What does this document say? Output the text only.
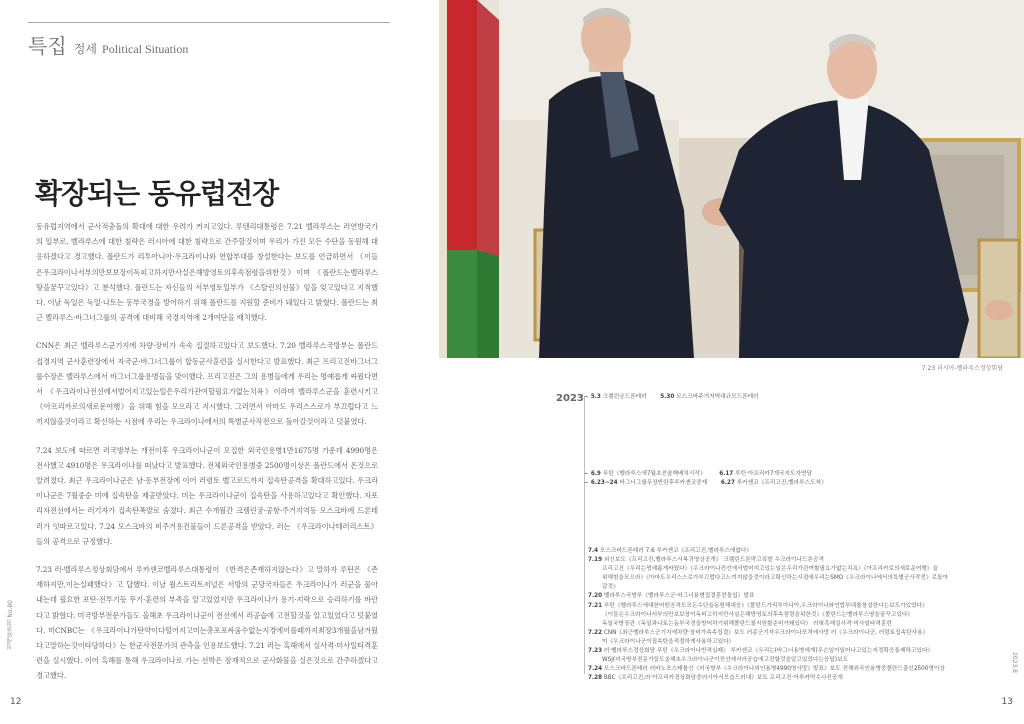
특집 정세 Political Situation
확장되는 동유럽전장

동유럽지역에서 군사적충돌의 확대에 대한 우려가 커지고있다. 루텐리대통령은 7.21 벨라루스는 러연방국가의 일부로, 벨라루스에 대한 침략은 러시아에 대한 침략으로 간주할것이며 우리가 가진 모든 수단을 동원해 대응하겠다고 경고했다. 폴란드가 리투아니아·우크라이나와 연합부대를 창설한다는 보도를 언급하면서 《이들은우크라이나서부의만보보장이독피고하지만사실은해방영토의후속점령을위한것》이며 《폴란드는벨라루스땅을꿈꾸고있다》고 분석했다. 폴란드는 자신들의 서부영토일부가 《스탈린의선물》임을 잊고있다고 지적했다. 이날 독일은 독일·나토는 동부국경을 방어하기 위해 폴란드를 지원할 준비가 돼있다고 밝혔다. 폴란드는 최근 벨라루스·바그너그룹의 공격에 대비해 국경지역에 2개여단을 배치했다.

CNN은 최근 벨라루스군기지에 차량·장비가 속속 집결하고있다고 보도했다. 7.20 벨라루스국방부는 폴란드접경지역 군사훈련장에서 자국군·바그너그룹이 합동군사훈련을 실시한다고 발표했다. 최근 프리고진바그너그룹수장은 벨라루스에서 바그너그룹용병들을 맞이했다. 프리고진은 그의 용병들에게 우리는 명예롭게 싸웠다면서 《우크라이나전선에서벌어지고있는일은우리가관여할필요가없는치욕》이라며 벨라루스군을 훈련시키고 《아프리카로의새로운여행》을 위해 힘을 모으라고 지시했다. 그러면서 아마도 우리스스로가 부끄럽다고 느끼지않을것이라고 확신하는 시점에 우리는 우크라이나에서의 특별군사작전으로 돌아갈것이라고 덧붙였다.

7.24 보도에 따르면 러국방부는 개전이후 우크라이나군이 모집한 외국인용병1만1675명 가운데 4990명은 전사했고 4910명은 우크라이나를 떠났다고 발표했다. 전체외국인용병중 2500명이상은 폴란드에서 온것으로 알려졌다. 최근 우크라이나군은 남·동부전장에 이어 러령토 벨고로드까지 집속탄공격을 확대하고있다. 우크라이나군은 7월중순 미에 집속탄을 제공받았다. 미는 우크라이나군이 집속탄을 사용하고있다고 확인했다. 자포리자전선에서는 러기자가 집속탄폭발로 숨졌다. 최근 수개월간 크렘린궁·공항·주거지역등 모스크바에 드론테러가 잇따르고있다. 7.24 모스크바의 비주거용건물들이 드론공격을 받았다. 러는 《우크라이나테러리스트》들의 공격으로 규정했다.

7.23 러·벨라루스정상회담에서 루카셴코벨라루스대통령이 《반격은존재하지않는다》고 말하자 루틴은 《존재하지만,이는실패했다》고 답했다. 이날 월스트리트저널은 서방의 군당국자들은 우크라이나가 러군을 물아내는데 필요한 포탄·전투기등 무기·훈련의 부족을 알고있었지만 우크라이나가 용기·지략으로 승리하기를 바란다고 밝혔다. 미국방부전문가들도 올해초 우크라이나군이 전선에서 러공습에 고전할것을 알고있었다고 덧붙였다. 미CNBC는 《우크라이나가탄약이다떨어지고미는총포포싸움수없는지경에이를때까지최장3개월을남겨뒀다고말하는것이타당하다》는 한군사전문가의 관측을 인용보도했다. 7.21 러는 흑해에서 실사격·미사일타격훈련을 실시했다. 이어 흑해를 통해 우크라이나로 가는 선박은 잠재적으로 군사화물을 실은것으로 간주하겠다고 경고했다.

정세와관점 No.80
12
7.23 러시아-벨라루스정상회담
2023	5.3 크렘린궁드론테러 5.30 모스크바주거지역대규모드론테러
6.9 푸틴《벨라루스에7월초전술핵배치시작》 6.17 루틴·아프리카7개국지도자면담
6.23~24 바그너그룹무장반란후루카셴코중재 6.27 루카셴코《프리고진,벨라루스도착》
7.4 모스크바드론테러 7.6 루카셴코《프리고진,벨라루스에없다》
7.19 외신보도《프리고진,벨라루스서복귀영상공개》 크렘린드론막고폭발 우크라이나드론공격
프리고진《우리는명예롭게싸웠다》《우크라이나전선에서벌어지고있는일은우리가관여할필요가없는치욕》《아프리카로의새로운여행》을
위해힘을모으라》《아마도우리스스로가부끄럽다고느끼지않을것이라고확신하는시점에우리는SMO《우크라이나에서의특별군사작전》로돌아
갈것》
7.20 벨라루스국방부《벨라루스군·바그너용병집결훈련돌입》발표
7.21 푸틴《벨라루스에대한어떤공격도모든수단을동원해대응》《폴란드가리투아니아,우크라이나와연합부대를창설한다는보도가있었다》
《이들은우크라이나서부의만보보장이독피고하지만사실은해방영토의후속점령을위한것》《폴란드는벨라루스땅을꿈꾸고있다》
독일국방장관《독일과나토는동부국경을방어하기위해폴란드를지원할준비가돼있다》 러軍흑해실사격·미사일타격훈련
7.22 CNN《최근벨라루스군기지에차량·장비가속속집결》보도 러종군기자우크라이나포격에사망 러《우크라이나군, 러령토집속탄사용》
미《우크라이나군이집속탄을적절하게사용하고있다》
7.23 러·벨라루스정상회담 푸틴《우크라이나반격실패》 루카셴코《우리는(바그너용병에게)무슨일이일어나고있는지정확응통제하고있다》
WSJ(미국방부전문가들도올해초우크라이나군이전선에서러공습에고전할것을알고있었다는응답)보도
7.24 모스크바드론테러 러바노포스태틀신《러국방부《우크라이나외인용병4990명사망》발표》보도 전체외국인용병중폴란드출신2500명이상
7.28 BBC《프리고진,러·아프리카정상회담중러시아서모습드러내》보도 프리고진·아루카막수사진공개
2023.8
13
